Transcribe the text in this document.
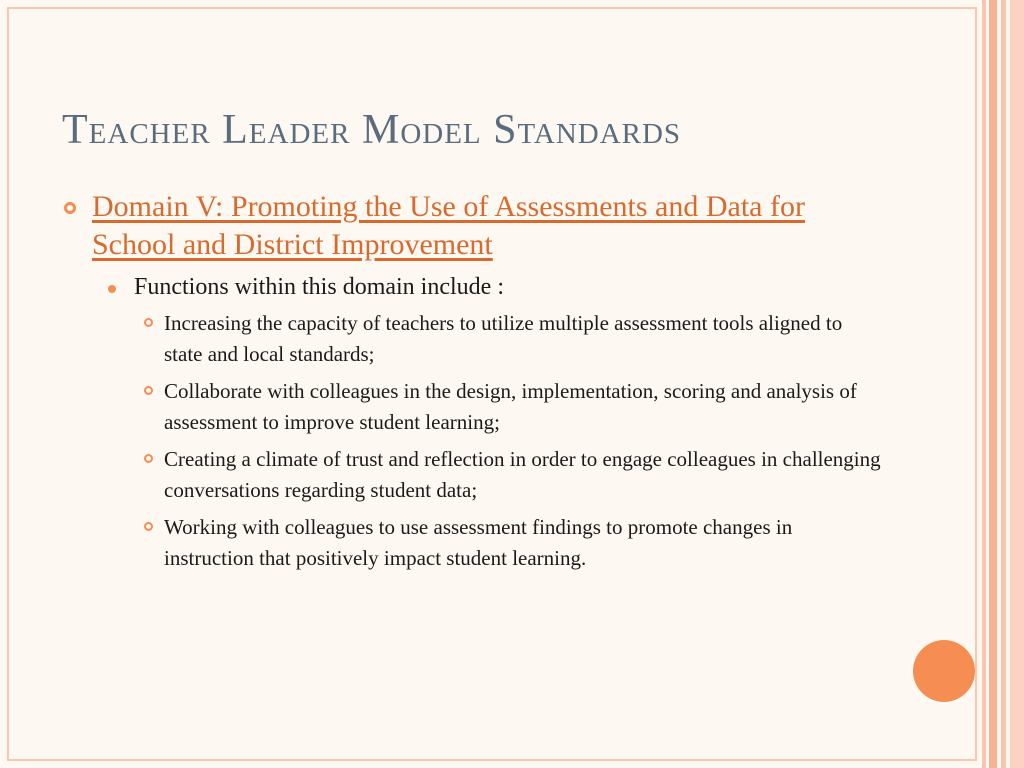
Teacher Leader Model Standards
Domain V: Promoting the Use of Assessments and Data for School and District Improvement
Functions within this domain include :
Increasing the capacity of teachers to utilize multiple assessment tools aligned to state and local standards;
Collaborate with colleagues in the design, implementation, scoring and analysis of assessment to improve student learning;
Creating a climate of trust and reflection in order to engage colleagues in challenging conversations regarding student data;
Working with colleagues to use assessment findings to promote changes in instruction that positively impact student learning.
